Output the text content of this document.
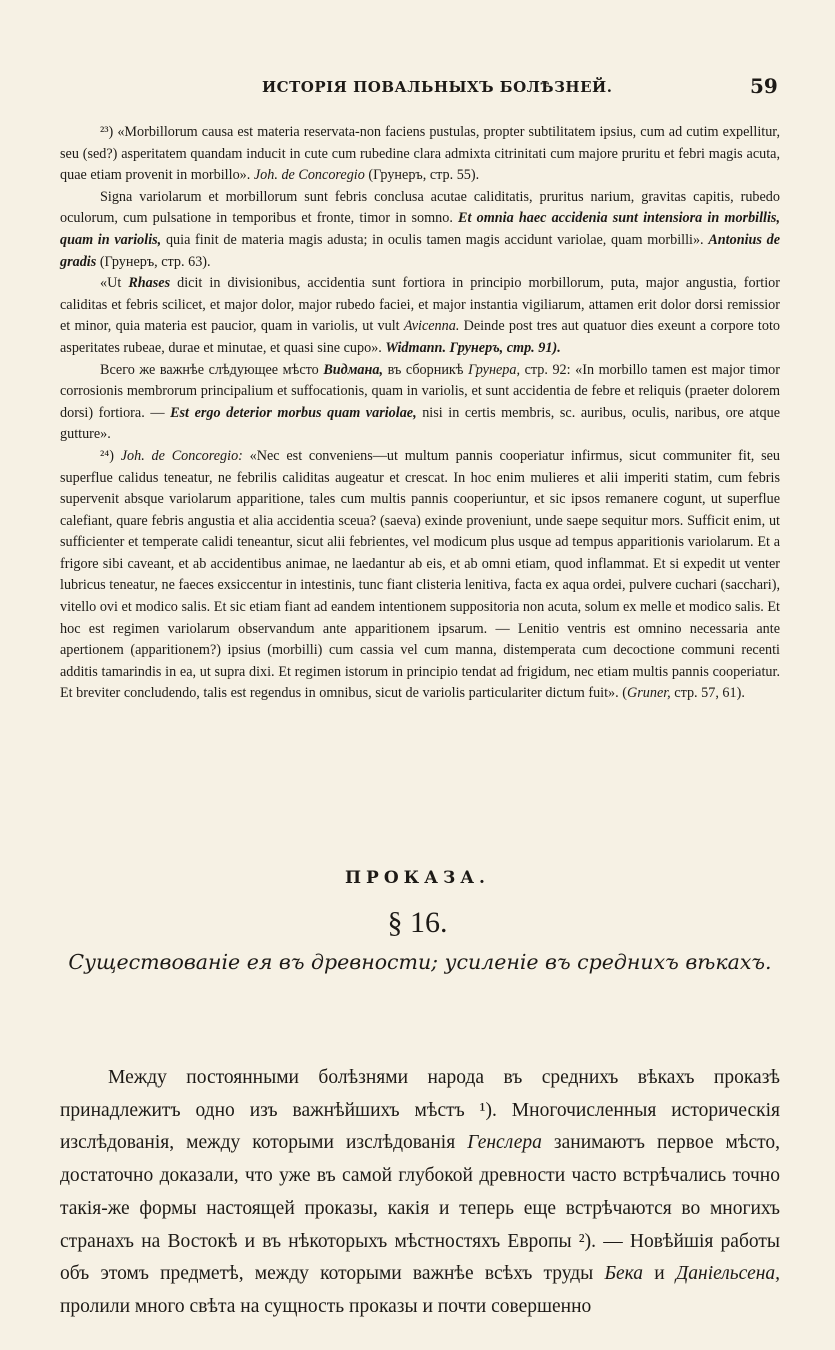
ИСТОРІЯ ПОВАЛЬНЫХЪ БОЛѢЗНЕЙ.	59

²³) «Morbillorum causa est materia reservata-non faciens pustulas, propter subtilitatem ipsius, cum ad cutim expellitur, seu (sed?) asperitatem quandam inducit in cute cum rubedine clara admixta citrinitati cum majore pruritu et febri magis acuta, quae etiam provenit in morbillo». Joh. de Concoregio (Грунеръ, стр. 55).

Signa variolarum et morbillorum sunt febris conclusa acutae caliditatis, pruritus narium, gravitas capitis, rubedo oculorum, cum pulsatione in temporibus et fronte, timor in somno. Et omnia haec accidenia sunt intensiora in morbillis, quam in variolis, quia finit de materia magis adusta; in oculis tamen magis accidunt variolae, quam morbilli». Antonius de gradis (Грунеръ, стр. 63).

«Ut Rhases dicit in divisionibus, accidentia sunt fortiora in principio morbillorum, puta, major angustia, fortior caliditas et febris scilicet, et major dolor, major rubedo faciei, et major instantia vigiliarum, attamen erit dolor dorsi remissior et minor, quia materia est paucior, quam in variolis, ut vult Avicenna. Deinde post tres aut quatuor dies exeunt a corpore toto asperitates rubeae, durae et minutae, et quasi sine cupo». Widmann. Грунеръ, стр. 91).

Всего же важнѣе слѣдующее мѣсто Видмана, въ сборникѣ Грунера, стр. 92: «In morbillo tamen est major timor corrosionis membrorum principalium et suffocationis, quam in variolis, et sunt accidentia de febre et reliquis (praeter dolorem dorsi) fortiora. — Est ergo deterior morbus quam variolae, nisi in certis membris, sc. auribus, oculis, naribus, ore atque gutture».

²⁴) Joh. de Concoregio: «Nec est conveniens—ut multum pannis cooperiatur infirmus, sicut communiter fit, seu superflue calidus teneatur, ne febrilis caliditas augeatur et crescat. In hoc enim mulieres et alii imperiti statim, cum febris supervenit absque variolarum apparitione, tales cum multis pannis cooperiuntur, et sic ipsos remanere cogunt, ut superflue calefiant, quare febris angustia et alia accidentia sceua? (saeva) exinde proveniunt, unde saepe sequitur mors. Sufficit enim, ut sufficienter et temperate calidi teneantur, sicut alii febrientes, vel modicum plus usque ad tempus apparitionis variolarum. Et a frigore sibi caveant, et ab accidentibus animae, ne laedantur ab eis, et ab omni etiam, quod inflammat. Et si expedit ut venter lubricus teneatur, ne faeces exsiccentur in intestinis, tunc fiant clisteria lenitiva, facta ex aqua ordei, pulvere cuchari (sacchari), vitello ovi et modico salis. Et sic etiam fiant ad eandem intentionem suppositoria non acuta, solum ex melle et modico salis. Et hoc est regimen variolarum observandum ante apparitionem ipsarum. — Lenitio ventris est omnino necessaria ante apertionem (apparitionem?) ipsius (morbilli) cum cassia vel cum manna, distemperata cum decoctione communi recenti additis tamarindis in ea, ut supra dixi. Et regimen istorum in principio tendat ad frigidum, nec etiam multis pannis cooperiatur. Et breviter concludendo, talis est regendus in omnibus, sicut de variolis particulariter dictum fuit». (Gruner, стр. 57, 61).

ПРОКАЗА.
§ 16.
Существованіе ея въ древности; усиленіе въ среднихъ вѣкахъ.

Между постоянными болѣзнями народа въ среднихъ вѣкахъ проказѣ принадлежитъ одно изъ важнѣйшихъ мѣстъ ¹). Многочисленныя историческія изслѣдованія, между которыми изслѣдованія Генслера занимаютъ первое мѣсто, достаточно доказали, что уже въ самой глубокой древности часто встрѣчались точно такія-же формы настоящей проказы, какія и теперь еще встрѣчаются во многихъ странахъ на Востокѣ и въ нѣкоторыхъ мѣстностяхъ Европы ²). — Новѣйшія работы объ этомъ предметѣ, между которыми важнѣе всѣхъ труды Бека и Даніельсена, пролили много свѣта на сущность проказы и почти совершенно
